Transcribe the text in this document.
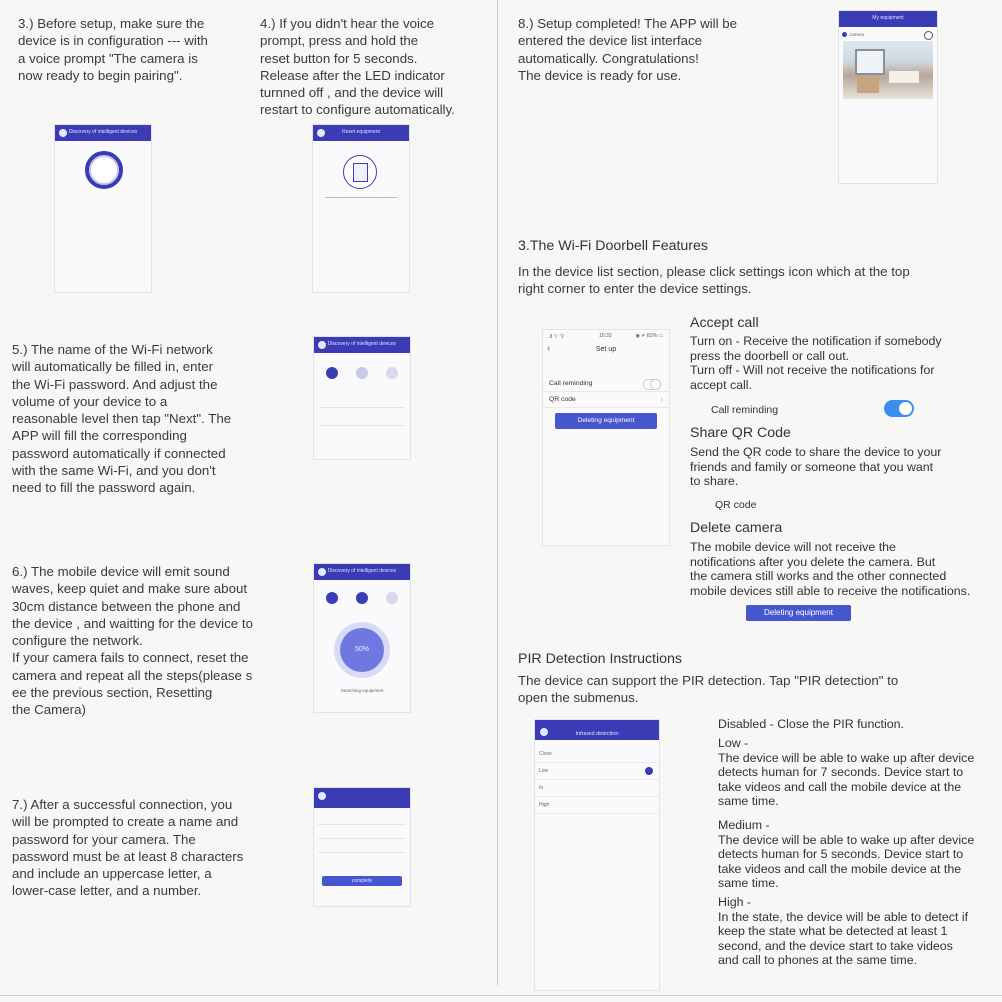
3.) Before setup, make sure the
device is in configuration --- with
a voice prompt "The camera is
now ready to begin pairing".
4.) If you didn't hear the voice
prompt, press and hold the
reset button for 5 seconds.
Release after the LED indicator
turnned off , and the device will
restart to configure automatically.
Discovery of intelligent devices	Reset equipment
5.) The name of the Wi-Fi network
will automatically be filled in, enter
the Wi-Fi password. And adjust the
volume of your device to a
reasonable level then tap "Next". The
APP will fill the corresponding
password automatically if connected
with the same Wi-Fi, and you don't
need to fill the password again.
Discovery of intelligent devices
6.) The mobile device will emit sound
waves, keep quiet and make sure about
30cm distance between the phone and
the device , and waitting for the device to
configure the network.
If your camera fails to connect, reset the
camera and repeat all the steps(please s
ee the previous section, Resetting
the Camera)
Discovery of intelligent devices
50%
Searching equipment
7.) After a successful connection, you
will be prompted to create a name and
password for your camera. The
password must be at least 8 characters
and include an uppercase letter, a
lower-case letter, and a number.
complete
8.) Setup completed! The APP will be
entered the device list interface
automatically. Congratulations!
The device is ready for use.
My equipment
camera
3.The Wi-Fi Doorbell Features
In the device list section, please click settings icon which at the top
right corner to enter the device settings.
..ll ⌔ 令	10:33	◉ ✔ 81% ▭
‹	Set up
Call reminding
QR code	›
Deleting equipment
Accept call
Turn on - Receive the notification if somebody
press the doorbell or call out.
Turn off - Will not receive the notifications for
accept call.
Call reminding
Share QR Code
Send the QR code to share the device to your
friends and family or someone that you want
to share.
QR code
Delete camera
The mobile device will not receive the
notifications after you delete the camera. But
the camera still works and the other connected
mobile devices still able to receive the notifications.
Deleting equipment
PIR Detection Instructions
The device can support the PIR detection. Tap "PIR detection" to
open the submenus.
Infrared detection
Close
Low
In
High
Disabled - Close the PIR function.
Low -
The device will be able to wake up after device
detects human for 7 seconds. Device start to
take videos and call the mobile device at the
same time.
Medium -
The device will be able to wake up after device
detects human for 5 seconds. Device start to
take videos and call the mobile device at the
same time.
High -
In the state, the device will be able to detect if
keep the state what be detected at least 1
second, and the device start to take videos
and call to phones at the same time.
